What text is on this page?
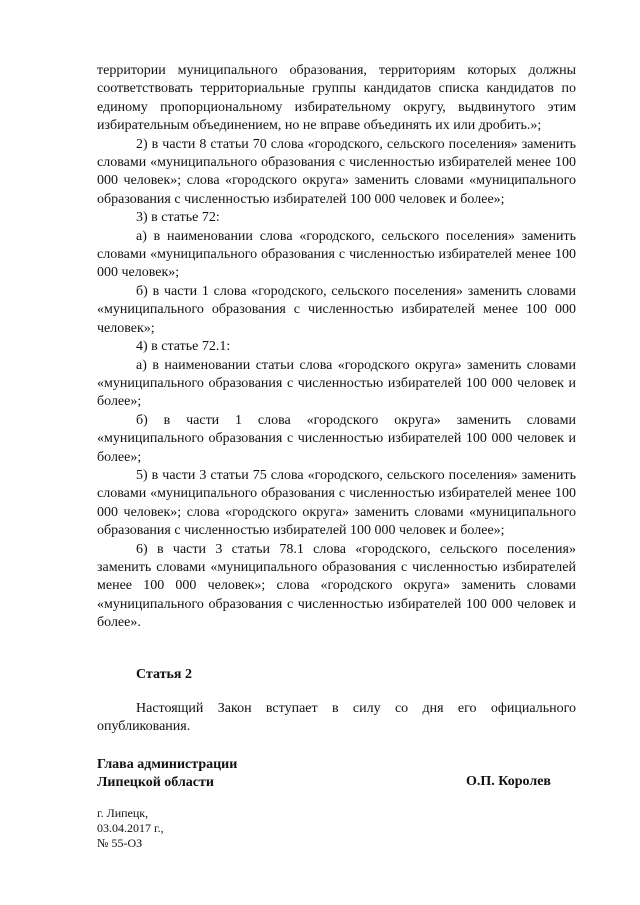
территории муниципального образования, территориям которых должны соответствовать территориальные группы кандидатов списка кандидатов по единому пропорциональному избирательному округу, выдвинутого этим избирательным объединением, но не вправе объединять их или дробить.»;

2) в части 8 статьи 70 слова «городского, сельского поселения» заменить словами «муниципального образования с численностью избирателей менее 100 000 человек»; слова «городского округа» заменить словами «муниципального образования с численностью избирателей 100 000 человек и более»;

3) в статье 72:

а) в наименовании слова «городского, сельского поселения» заменить словами «муниципального образования с численностью избирателей менее 100 000 человек»;

б) в части 1 слова «городского, сельского поселения» заменить словами «муниципального образования с численностью избирателей менее 100 000 человек»;

4) в статье 72.1:

а) в наименовании статьи слова «городского округа» заменить словами «муниципального образования с численностью избирателей 100 000 человек и более»;

б) в части 1 слова «городского округа» заменить словами «муниципального образования с численностью избирателей 100 000 человек и более»;

5) в части 3 статьи 75 слова «городского, сельского поселения» заменить словами «муниципального образования с численностью избирателей менее 100 000 человек»; слова «городского округа» заменить словами «муниципального образования с численностью избирателей 100 000 человек и более»;

6) в части 3 статьи 78.1 слова «городского, сельского поселения» заменить словами «муниципального образования с численностью избирателей менее 100 000 человек»; слова «городского округа» заменить словами «муниципального образования с численностью избирателей 100 000 человек и более».

Статья 2

Настоящий Закон вступает в силу со дня его официального опубликования.

Глава администрации
Липецкой области	О.П. Королев
г. Липецк,
03.04.2017 г.,
№ 55-ОЗ
